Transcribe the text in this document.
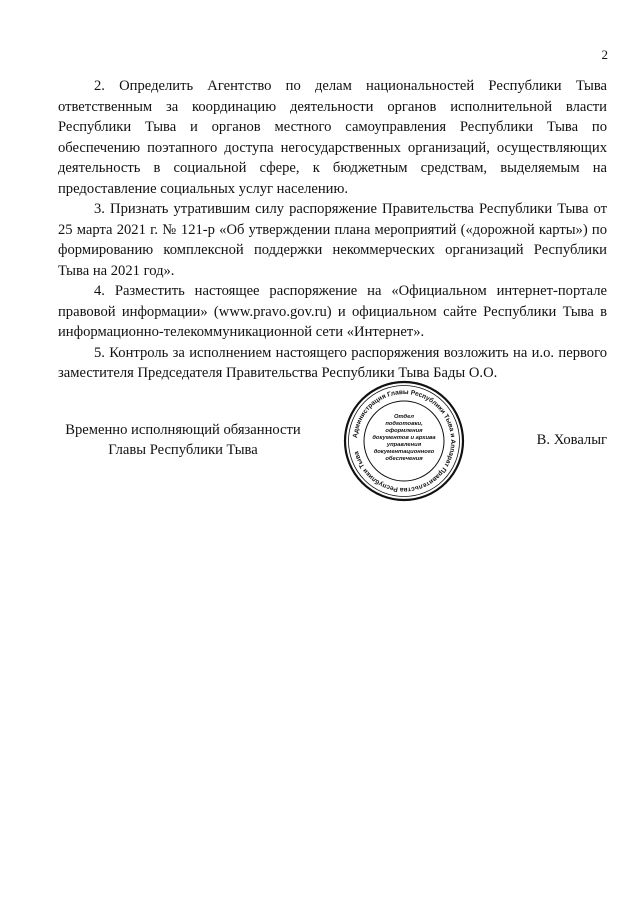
2

2. Определить Агентство по делам национальностей Республики Тыва ответственным за координацию деятельности органов исполнительной власти Республики Тыва и органов местного самоуправления Республики Тыва по обеспечению поэтапного доступа негосударственных организаций, осуществляющих деятельность в социальной сфере, к бюджетным средствам, выделяемым на предоставление социальных услуг населению.

3. Признать утратившим силу распоряжение Правительства Республики Тыва от 25 марта 2021 г. № 121-р «Об утверждении плана мероприятий («дорожной карты») по формированию комплексной поддержки некоммерческих организаций Республики Тыва на 2021 год».

4. Разместить настоящее распоряжение на «Официальном интернет-портале правовой информации» (www.pravo.gov.ru) и официальном сайте Республики Тыва в информационно-телекоммуникационной сети «Интернет».

5. Контроль за исполнением настоящего распоряжения возложить на и.о. первого заместителя Председателя Правительства Республики Тыва Бады О.О.

Временно исполняющий обязанности
Главы Республики Тыва
В. Ховалыг
Администрация Главы Республики Тыва и Аппарат Правительства Республики Тыва
Отдел
подготовки,
оформления
документов и архива
управления
документационного
обеспечения
